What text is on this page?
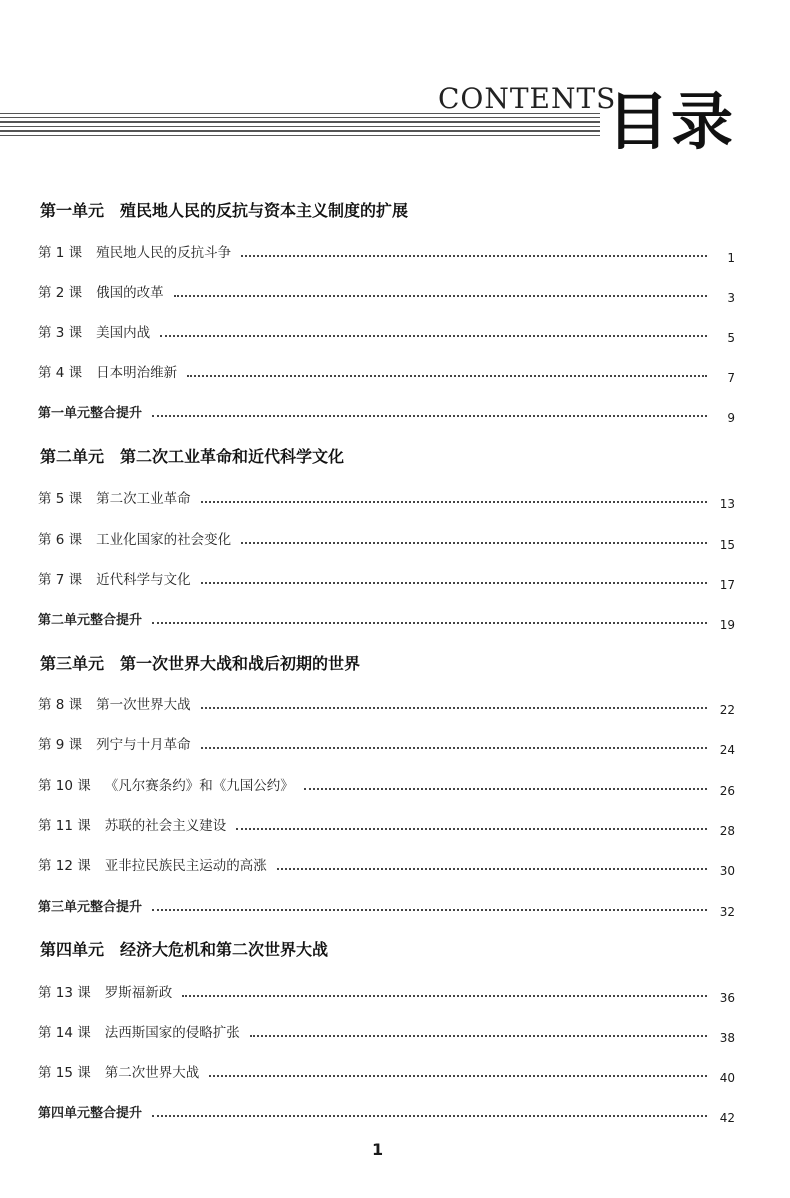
CONTENTS
目录
第一单元 殖民地人民的反抗与资本主义制度的扩展
第 1 课 殖民地人民的反抗斗争	1
第 2 课 俄国的改革	3
第 3 课 美国内战	5
第 4 课 日本明治维新	7
第一单元整合提升	9
第二单元 第二次工业革命和近代科学文化
第 5 课 第二次工业革命	13
第 6 课 工业化国家的社会变化	15
第 7 课 近代科学与文化	17
第二单元整合提升	19
第三单元 第一次世界大战和战后初期的世界
第 8 课 第一次世界大战	22
第 9 课 列宁与十月革命	24
第 10 课 《凡尔赛条约》和《九国公约》	26
第 11 课 苏联的社会主义建设	28
第 12 课 亚非拉民族民主运动的高涨	30
第三单元整合提升	32
第四单元 经济大危机和第二次世界大战
第 13 课 罗斯福新政	36
第 14 课 法西斯国家的侵略扩张	38
第 15 课 第二次世界大战	40
第四单元整合提升	42
1
